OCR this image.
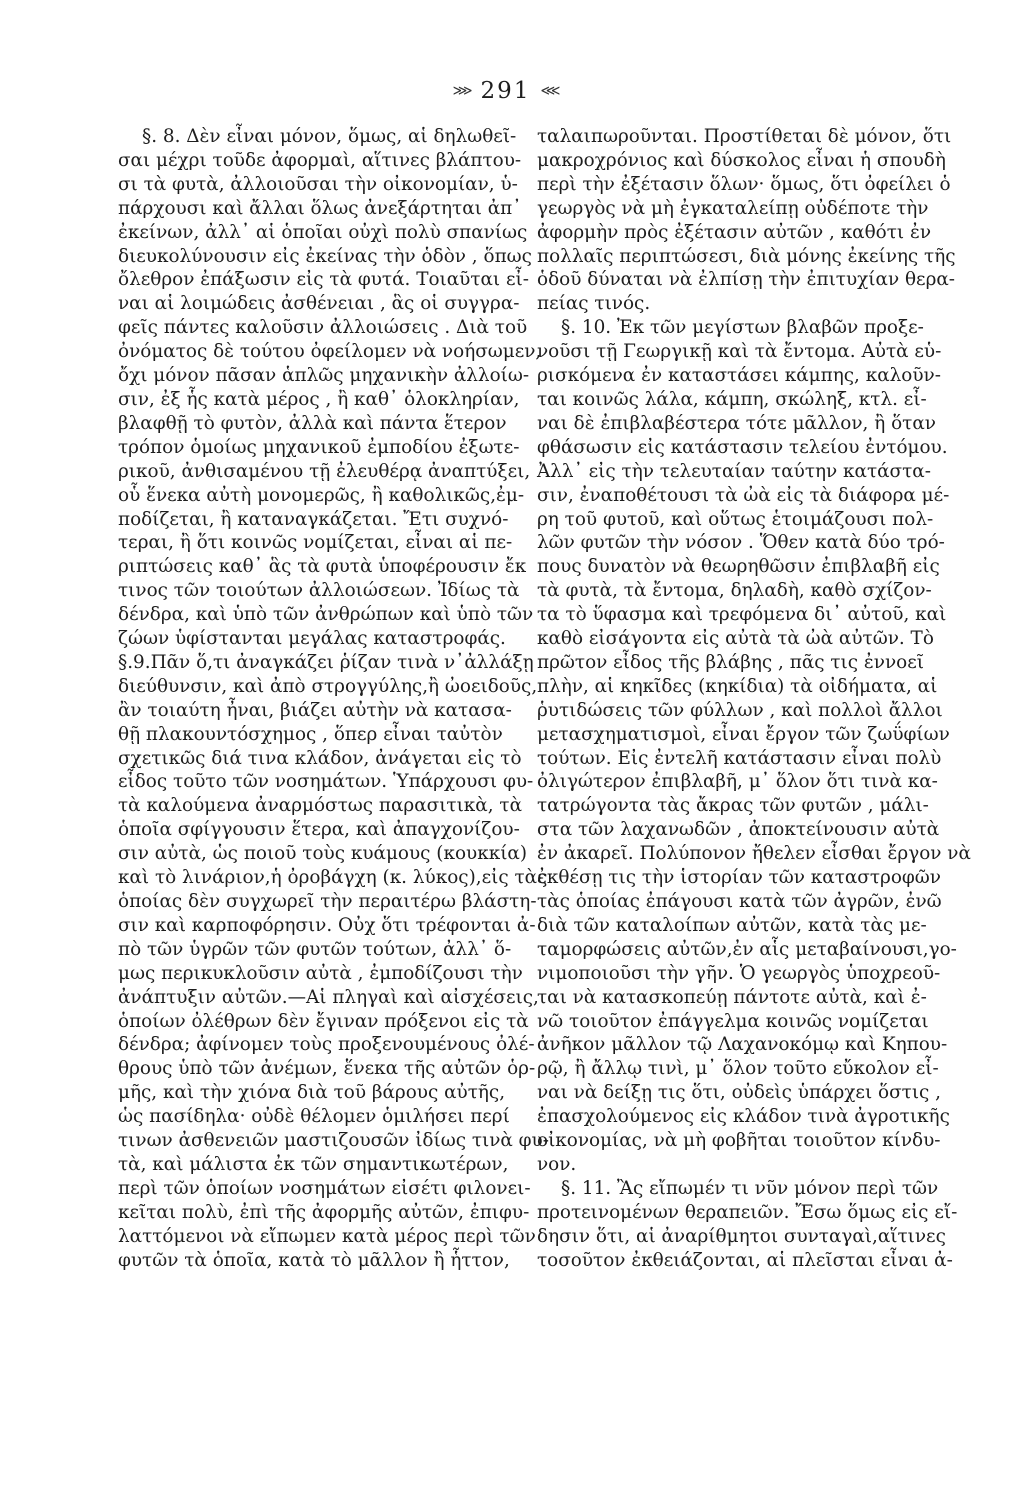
⋙ 291 ⋘
§. 8. Δὲν εἶναι μόνον, ὅμως, αἱ δηλωθεῖ-
σαι μέχρι τοῦδε ἀφορμαὶ, αἵτινες βλάπτου-
σι τὰ φυτὰ, ἀλλοιοῦσαι τὴν οἰκονομίαν, ὑ-
πάρχουσι καὶ ἄλλαι ὅλως ἀνεξάρτηται ἀπ᾽
ἐκείνων, ἀλλ᾽ αἱ ὁποῖαι οὐχὶ πολὺ σπανίως
διευκολύνουσιν εἰς ἐκείνας τὴν ὁδὸν , ὅπως
ὄλεθρον ἐπάξωσιν εἰς τὰ φυτά. Τοιαῦται εἶ-
ναι αἱ λοιμώδεις ἀσθένειαι , ἃς οἱ συγγρα-
φεῖς πάντες καλοῦσιν ἀλλοιώσεις . Διὰ τοῦ
ὀνόματος δὲ τούτου ὀφείλομεν νὰ νοήσωμεν,
ὄχι μόνον πᾶσαν ἁπλῶς μηχανικὴν ἀλλοίω-
σιν, ἐξ ἧς κατὰ μέρος , ἢ καθ᾽ ὁλοκληρίαν,
βλαφθῇ τὸ φυτὸν, ἀλλὰ καὶ πάντα ἕτερον
τρόπον ὁμοίως μηχανικοῦ ἐμποδίου ἐξωτε-
ρικοῦ, ἀνθισαμένου τῇ ἐλευθέρᾳ ἀναπτύξει,
οὗ ἕνεκα αὐτὴ μονομερῶς, ἢ καθολικῶς,ἐμ-
ποδίζεται, ἢ καταναγκάζεται. Ἔτι συχνό-
τεραι, ἢ ὅτι κοινῶς νομίζεται, εἶναι αἱ πε-
ριπτώσεις καθ᾽ ἃς τὰ φυτὰ ὑποφέρουσιν ἔκ
τινος τῶν τοιούτων ἀλλοιώσεων. Ἰδίως τὰ
δένδρα, καὶ ὑπὸ τῶν ἀνθρώπων καὶ ὑπὸ τῶν
ζώων ὑφίστανται μεγάλας καταστροφάς.
§.9.Πᾶν ὅ,τι ἀναγκάζει ῥίζαν τινὰ ν᾽ἀλλάξῃ
διεύθυνσιν, καὶ ἀπὸ στρογγύλης,ἢ ὠοειδοῦς,
ἂν τοιαύτη ἦναι, βιάζει αὐτὴν νὰ κατασα-
θῇ πλακουντόσχημος , ὅπερ εἶναι ταὐτὸν
σχετικῶς διά τινα κλάδον, ἀνάγεται εἰς τὸ
εἶδος τοῦτο τῶν νοσημάτων. Ὑπάρχουσι φυ-
τὰ καλούμενα ἀναρμόστως παρασιτικὰ, τὰ
ὁποῖα σφίγγουσιν ἕτερα, καὶ ἀπαγχονίζου-
σιν αὐτὰ, ὡς ποιοῦ τοὺς κυάμους (κουκκία)
καὶ τὸ λινάριον,ἡ ὀροβάγχη (κ. λύκος),εἰς τὰς
ὁποίας δὲν συγχωρεῖ τὴν περαιτέρω βλάστη-
σιν καὶ καρποφόρησιν. Οὐχ ὅτι τρέφονται ἀ-
πὸ τῶν ὑγρῶν τῶν φυτῶν τούτων, ἀλλ᾽ ὅ-
μως περικυκλοῦσιν αὐτὰ , ἐμποδίζουσι τὴν
ἀνάπτυξιν αὐτῶν.—Αἱ πληγαὶ καὶ αἰσχέσεις,
ὁποίων ὀλέθρων δὲν ἔγιναν πρόξενοι εἰς τὰ
δένδρα; ἀφίνομεν τοὺς προξενουμένους ὀλέ-
θρους ὑπὸ τῶν ἀνέμων, ἕνεκα τῆς αὐτῶν ὁρ-
μῆς, καὶ τὴν χιόνα διὰ τοῦ βάρους αὐτῆς,
ὡς πασίδηλα· οὐδὲ θέλομεν ὁμιλήσει περί
τινων ἀσθενειῶν μαστιζουσῶν ἰδίως τινὰ φυ-
τὰ, καὶ μάλιστα ἐκ τῶν σημαντικωτέρων,
περὶ τῶν ὁποίων νοσημάτων εἰσέτι φιλονει-
κεῖται πολὺ, ἐπὶ τῆς ἀφορμῆς αὐτῶν, ἐπιφυ-
λαττόμενοι νὰ εἴπωμεν κατὰ μέρος περὶ τῶν
φυτῶν τὰ ὁποῖα, κατὰ τὸ μᾶλλον ἢ ἧττον,
ταλαιπωροῦνται. Προστίθεται δὲ μόνον, ὅτι
μακροχρόνιος καὶ δύσκολος εἶναι ἡ σπουδὴ
περὶ τὴν ἐξέτασιν ὅλων· ὅμως, ὅτι ὀφείλει ὁ
γεωργὸς νὰ μὴ ἐγκαταλείπῃ οὐδέποτε τὴν
ἀφορμὴν πρὸς ἐξέτασιν αὐτῶν , καθότι ἐν
πολλαῖς περιπτώσεσι, διὰ μόνης ἐκείνης τῆς
ὁδοῦ δύναται νὰ ἐλπίσῃ τὴν ἐπιτυχίαν θερα-
πείας τινός.
§. 10. Ἐκ τῶν μεγίστων βλαβῶν προξε-
νοῦσι τῇ Γεωργικῇ καὶ τὰ ἔντομα. Αὐτὰ εὑ-
ρισκόμενα ἐν καταστάσει κάμπης, καλοῦν-
ται κοινῶς λάλα, κάμπη, σκώληξ, κτλ. εἶ-
ναι δὲ ἐπιβλαβέστερα τότε μᾶλλον, ἢ ὅταν
φθάσωσιν εἰς κατάστασιν τελείου ἐντόμου.
Ἀλλ᾽ εἰς τὴν τελευταίαν ταύτην κατάστα-
σιν, ἐναποθέτουσι τὰ ὠὰ εἰς τὰ διάφορα μέ-
ρη τοῦ φυτοῦ, καὶ οὕτως ἑτοιμάζουσι πολ-
λῶν φυτῶν τὴν νόσον . Ὅθεν κατὰ δύο τρό-
πους δυνατὸν νὰ θεωρηθῶσιν ἐπιβλαβῆ εἰς
τὰ φυτὰ, τὰ ἔντομα, δηλαδὴ, καθὸ σχίζον-
τα τὸ ὕφασμα καὶ τρεφόμενα δι᾽ αὐτοῦ, καὶ
καθὸ εἰσάγοντα εἰς αὐτὰ τὰ ὠὰ αὐτῶν. Τὸ
πρῶτον εἶδος τῆς βλάβης , πᾶς τις ἐννοεῖ
πλὴν, αἱ κηκῖδες (κηκίδια) τὰ οἰδήματα, αἱ
ῥυτιδώσεις τῶν φύλλων , καὶ πολλοὶ ἄλλοι
μετασχηματισμοὶ, εἶναι ἔργον τῶν ζωΰφίων
τούτων. Εἰς ἐντελῆ κατάστασιν εἶναι πολὺ
ὀλιγώτερον ἐπιβλαβῆ, μ᾽ ὅλον ὅτι τινὰ κα-
τατρώγοντα τὰς ἄκρας τῶν φυτῶν , μάλι-
στα τῶν λαχανωδῶν , ἀποκτείνουσιν αὐτὰ
ἐν ἀκαρεῖ. Πολύπονον ἤθελεν εἶσθαι ἔργον νὰ
ἐκθέσῃ τις τὴν ἱστορίαν τῶν καταστροφῶν
τὰς ὁποίας ἐπάγουσι κατὰ τῶν ἀγρῶν, ἐνῶ
διὰ τῶν καταλοίπων αὐτῶν, κατὰ τὰς με-
ταμορφώσεις αὐτῶν,ἐν αἷς μεταβαίνουσι,γο-
νιμοποιοῦσι τὴν γῆν. Ὁ γεωργὸς ὑποχρεοῦ-
ται νὰ κατασκοπεύῃ πάντοτε αὐτὰ, καὶ ἐ-
νῶ τοιοῦτον ἐπάγγελμα κοινῶς νομίζεται
ἀνῆκον μᾶλλον τῷ Λαχανοκόμῳ καὶ Κηπου-
ρῷ, ἢ ἄλλῳ τινὶ, μ᾽ ὅλον τοῦτο εὔκολον εἶ-
ναι νὰ δείξῃ τις ὅτι, οὐδεὶς ὑπάρχει ὅστις ,
ἐπασχολούμενος εἰς κλάδον τινὰ ἀγροτικῆς
οἰκονομίας, νὰ μὴ φοβῆται τοιοῦτον κίνδυ-
νον.
§. 11. Ἂς εἴπωμέν τι νῦν μόνον περὶ τῶν
προτεινομένων θεραπειῶν. Ἔσω ὅμως εἰς εἴ-
δησιν ὅτι, αἱ ἀναρίθμητοι συνταγαὶ,αἵτινες
τοσοῦτον ἐκθειάζονται, αἱ πλεῖσται εἶναι ἀ-
